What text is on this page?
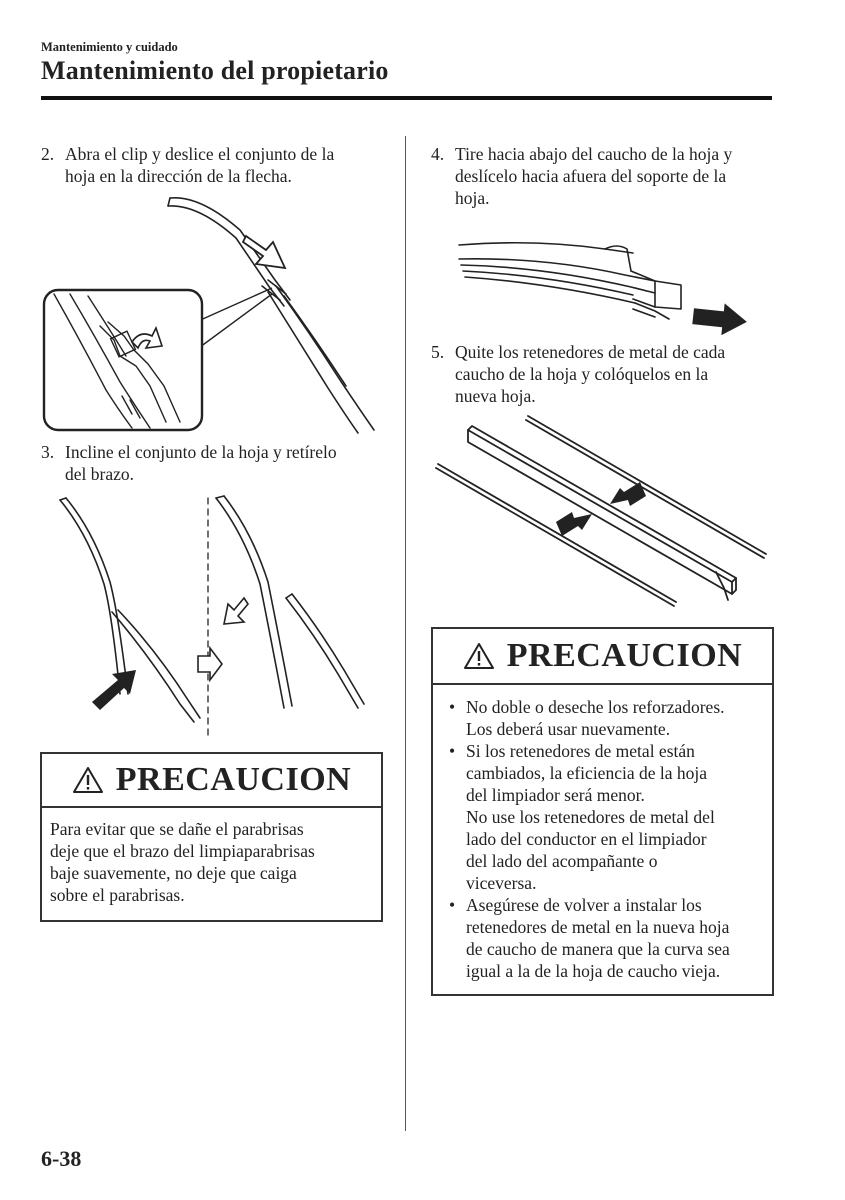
Mantenimiento y cuidado
Mantenimiento del propietario
2. Abra el clip y deslice el conjunto de la
hoja en la dirección de la flecha.
3. Incline el conjunto de la hoja y retírelo
del brazo.
PRECAUCION
Para evitar que se dañe el parabrisas
deje que el brazo del limpiaparabrisas
baje suavemente, no deje que caiga
sobre el parabrisas.
4. Tire hacia abajo del caucho de la hoja y
deslícelo hacia afuera del soporte de la
hoja.
5. Quite los retenedores de metal de cada
caucho de la hoja y colóquelos en la
nueva hoja.
PRECAUCION
• No doble o deseche los reforzadores.
Los deberá usar nuevamente.
• Si los retenedores de metal están
cambiados, la eficiencia de la hoja
del limpiador será menor.
No use los retenedores de metal del
lado del conductor en el limpiador
del lado del acompañante o
viceversa.
• Asegúrese de volver a instalar los
retenedores de metal en la nueva hoja
de caucho de manera que la curva sea
igual a la de la hoja de caucho vieja.
6-38
